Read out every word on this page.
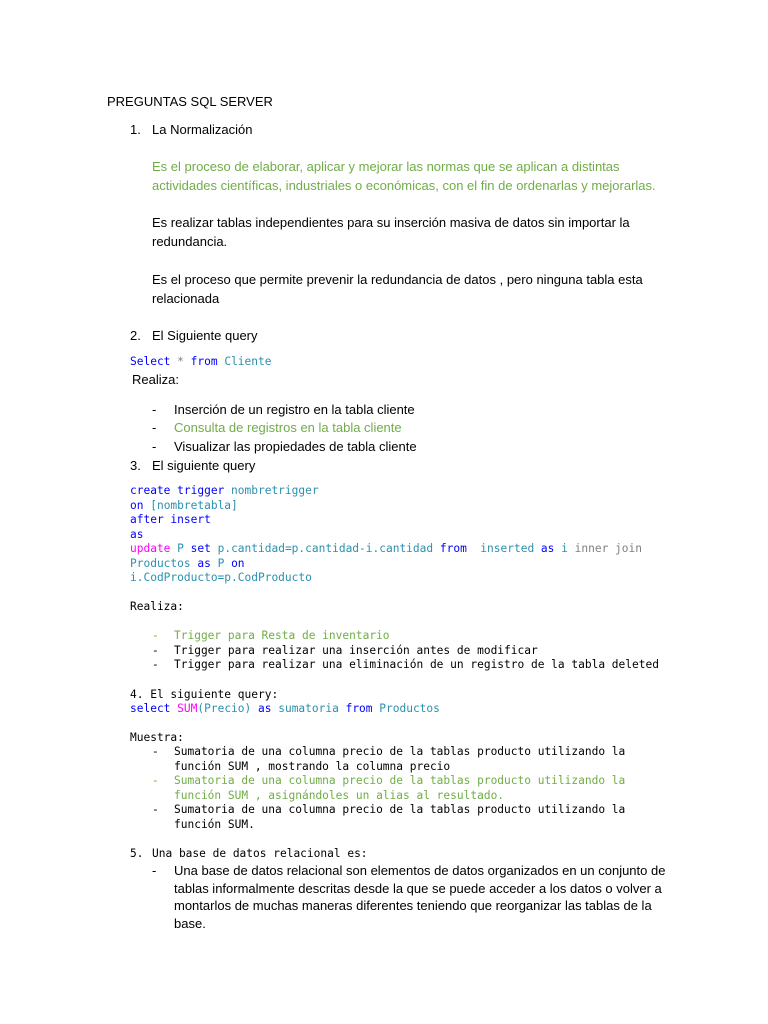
PREGUNTAS SQL SERVER
1. La Normalización
Es el proceso de elaborar, aplicar y mejorar las normas que se aplican a distintas
actividades científicas, industriales o económicas, con el fin de ordenarlas y mejorarlas.
Es realizar tablas independientes para su inserción masiva de datos sin importar la
redundancia.
Es el proceso que permite prevenir la redundancia de datos , pero ninguna tabla esta
relacionada
2. El Siguiente query
Select * from Cliente
Realiza:
- Inserción de un registro en la tabla cliente
- Consulta de registros en la tabla cliente
- Visualizar las propiedades de tabla cliente
3. El siguiente query
create trigger nombretrigger
on [nombretabla]
after insert
as
update P set p.cantidad=p.cantidad-i.cantidad from  inserted as i inner join
Productos as P on
i.CodProducto=p.CodProducto
Realiza:
- Trigger para Resta de inventario
- Trigger para realizar una inserción antes de modificar
- Trigger para realizar una eliminación de un registro de la tabla deleted
4. El siguiente query:
select SUM(Precio) as sumatoria from Productos
Muestra:
- Sumatoria de una columna precio de la tablas producto utilizando la
función SUM , mostrando la columna precio
- Sumatoria de una columna precio de la tablas producto utilizando la
función SUM , asignándoles un alias al resultado.
- Sumatoria de una columna precio de la tablas producto utilizando la
función SUM.
5. Una base de datos relacional es:
- Una base de datos relacional son elementos de datos organizados en un conjunto de
tablas informalmente descritas desde la que se puede acceder a los datos o volver a
montarlos de muchas maneras diferentes teniendo que reorganizar las tablas de la
base.
